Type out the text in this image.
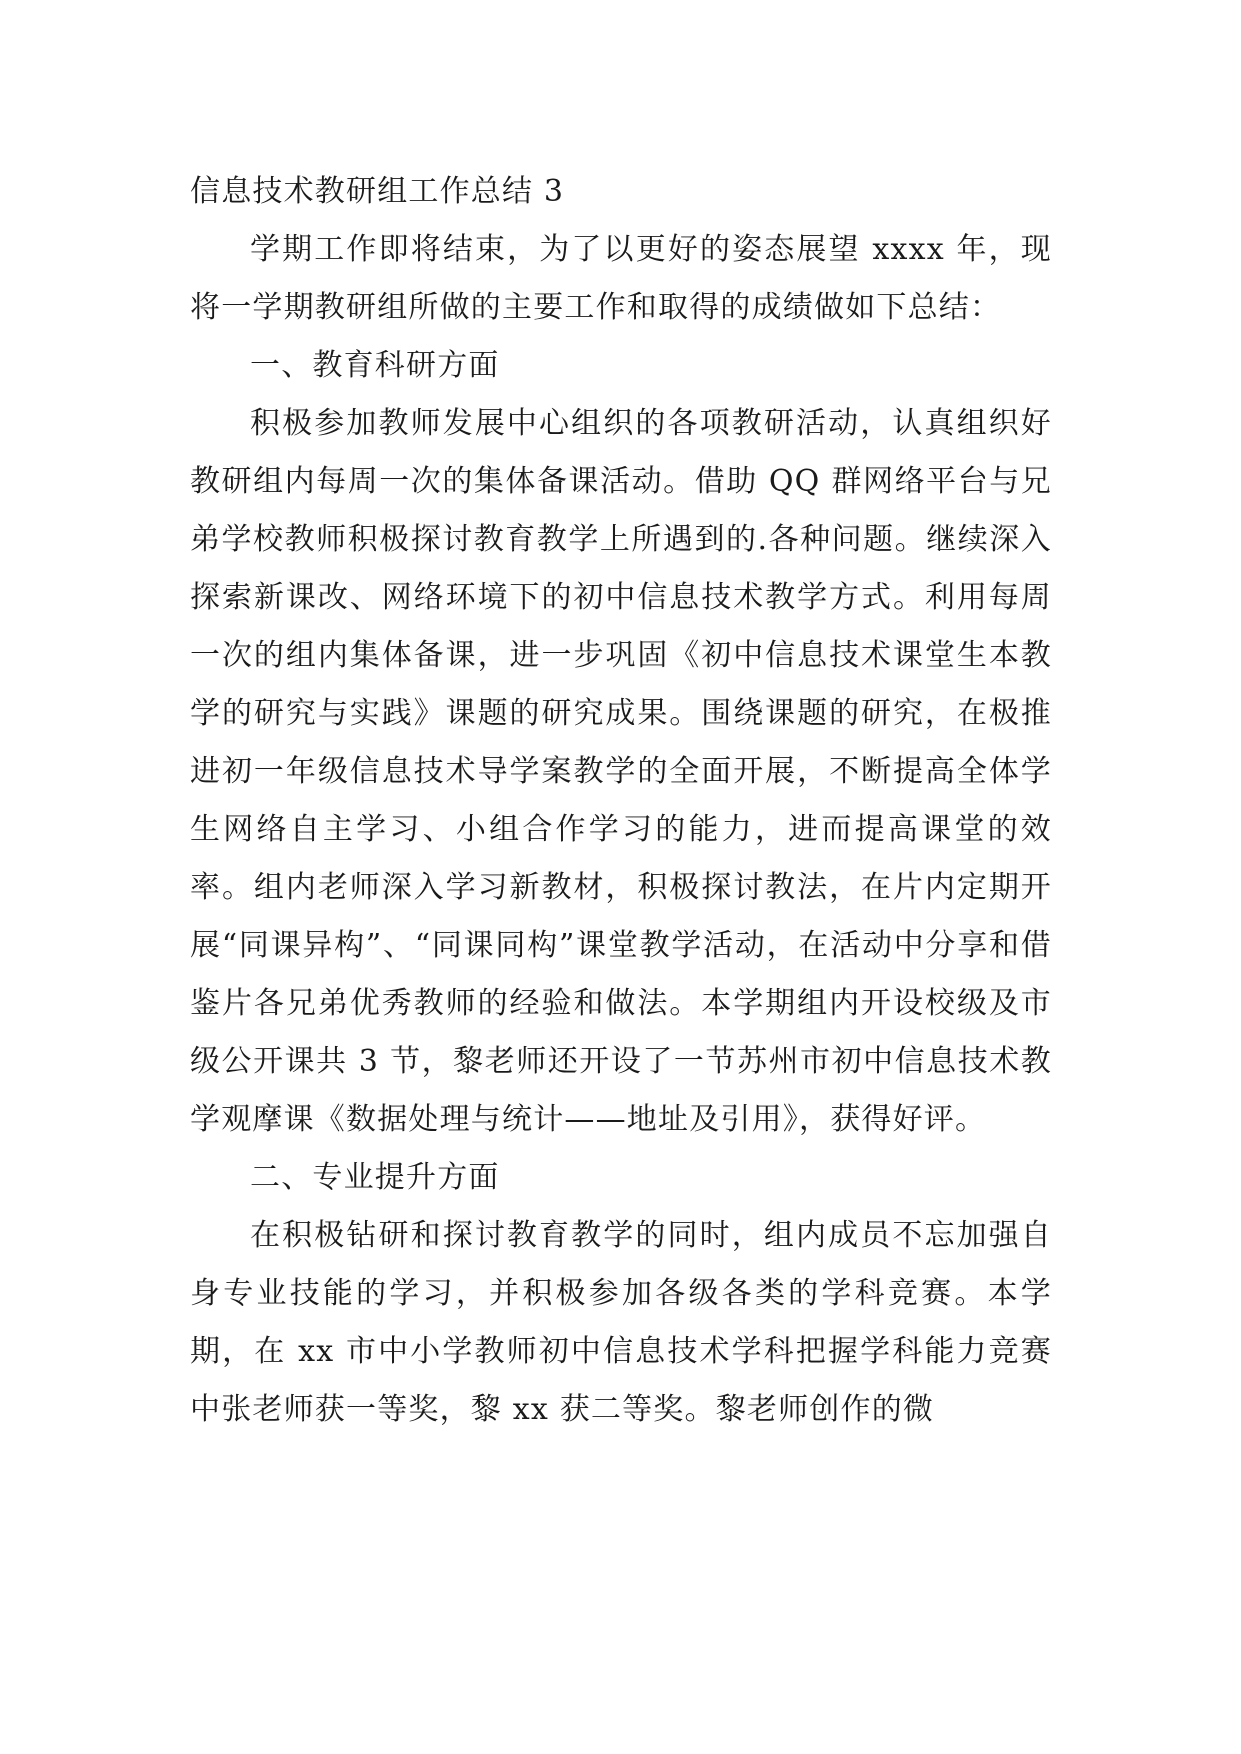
信息技术教研组工作总结 3

学期工作即将结束，为了以更好的姿态展望 xxxx 年，现将一学期教研组所做的主要工作和取得的成绩做如下总结：

一、教育科研方面

积极参加教师发展中心组织的各项教研活动，认真组织好教研组内每周一次的集体备课活动。借助 QQ 群网络平台与兄弟学校教师积极探讨教育教学上所遇到的.各种问题。继续深入探索新课改、网络环境下的初中信息技术教学方式。利用每周一次的组内集体备课，进一步巩固《初中信息技术课堂生本教学的研究与实践》课题的研究成果。围绕课题的研究，在极推进初一年级信息技术导学案教学的全面开展，不断提高全体学生网络自主学习、小组合作学习的能力，进而提高课堂的效率。组内老师深入学习新教材，积极探讨教法，在片内定期开展“同课异构”、“同课同构”课堂教学活动，在活动中分享和借鉴片各兄弟优秀教师的经验和做法。本学期组内开设校级及市级公开课共 3 节，黎老师还开设了一节苏州市初中信息技术教学观摩课《数据处理与统计——地址及引用》，获得好评。

二、专业提升方面

在积极钻研和探讨教育教学的同时，组内成员不忘加强自身专业技能的学习，并积极参加各级各类的学科竞赛。本学期，在 xx 市中小学教师初中信息技术学科把握学科能力竞赛中张老师获一等奖，黎 xx 获二等奖。黎老师创作的微
